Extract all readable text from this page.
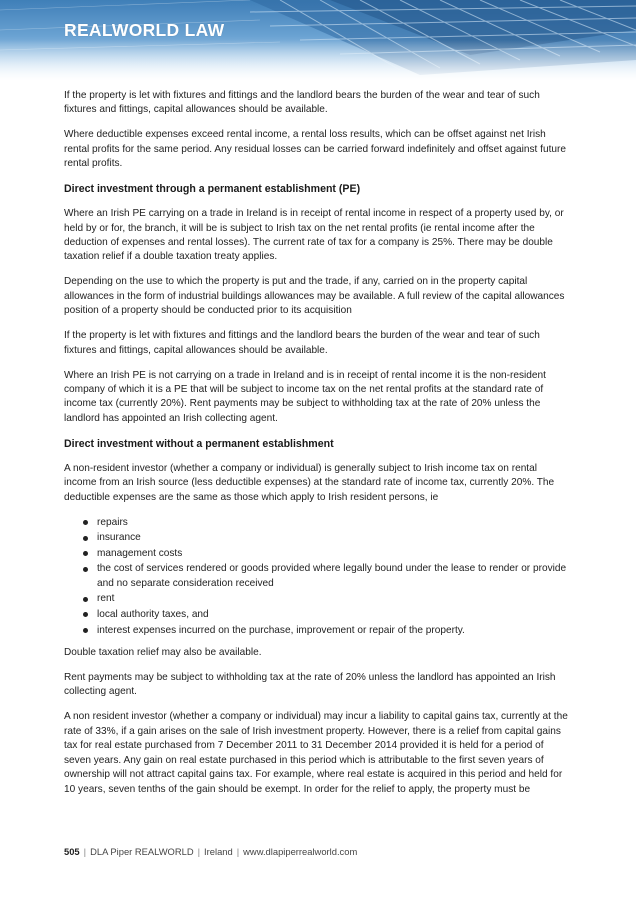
REALWORLD LAW

If the property is let with fixtures and fittings and the landlord bears the burden of the wear and tear of such fixtures and fittings, capital allowances should be available.

Where deductible expenses exceed rental income, a rental loss results, which can be offset against net Irish rental profits for the same period. Any residual losses can be carried forward indefinitely and offset against future rental profits.

Direct investment through a permanent establishment (PE)

Where an Irish PE carrying on a trade in Ireland is in receipt of rental income in respect of a property used by, or held by or for, the branch, it will be is subject to Irish tax on the net rental profits (ie rental income after the deduction of expenses and rental losses). The current rate of tax for a company is 25%. There may be double taxation relief if a double taxation treaty applies.

Depending on the use to which the property is put and the trade, if any, carried on in the property capital allowances in the form of industrial buildings allowances may be available. A full review of the capital allowances position of a property should be conducted prior to its acquisition

If the property is let with fixtures and fittings and the landlord bears the burden of the wear and tear of such fixtures and fittings, capital allowances should be available.

Where an Irish PE is not carrying on a trade in Ireland and is in receipt of rental income it is the non-resident company of which it is a PE that will be subject to income tax on the net rental profits at the standard rate of income tax (currently 20%). Rent payments may be subject to withholding tax at the rate of 20% unless the landlord has appointed an Irish collecting agent.

Direct investment without a permanent establishment

A non-resident investor (whether a company or individual) is generally subject to Irish income tax on rental income from an Irish source (less deductible expenses) at the standard rate of income tax, currently 20%. The deductible expenses are the same as those which apply to Irish resident persons, ie

repairs
insurance
management costs
the cost of services rendered or goods provided where legally bound under the lease to render or provide and no separate consideration received
rent
local authority taxes, and
interest expenses incurred on the purchase, improvement or repair of the property.

Double taxation relief may also be available.

Rent payments may be subject to withholding tax at the rate of 20% unless the landlord has appointed an Irish collecting agent.

A non resident investor (whether a company or individual) may incur a liability to capital gains tax, currently at the rate of 33%, if a gain arises on the sale of Irish investment property. However, there is a relief from capital gains tax for real estate purchased from 7 December 2011 to 31 December 2014 provided it is held for a period of seven years. Any gain on real estate purchased in this period which is attributable to the first seven years of ownership will not attract capital gains tax. For example, where real estate is acquired in this period and held for 10 years, seven tenths of the gain should be exempt. In order for the relief to apply, the property must be

505 | DLA Piper REALWORLD | Ireland | www.dlapiperrealworld.com
